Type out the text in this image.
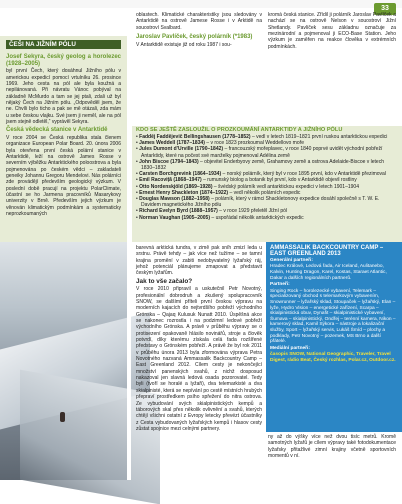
33
ČEŠI NA JIŽNÍM PÓLU
Josef Sekyra, český geolog a horolezec (1928–2005)

byl první Čech, který dosáhnul Jižního pólu v americkou expedicí pomocí vrtulníku 26. prosince 1969. Jeho cesta na pól ale byla koužná a nepilánovaná. Při návratu Vánoc pobýval na základně McMurdo a tam se jej ptali, zdali už byl nějaký Čech na Jižním pólu. „Odpověděl jsem, že ne. Chvíli bylo ticho a pak se mě otázali, zda mám u sebe českou vlajku. Své jsem ji neměl, ale na pól jsem stejně odletěl,“ vyprávěl Sekyra.

Česká vědecká stanice v Antarktidě

V roce 2004 se Česká republika stala členem organizace European Polar Board. 20. února 2006 byla otevřena první česká polární stanice v Antarktidě, leží na ostrově James Rosse v severním výběžku Antarktického poloostrova a byla pojmenována po českém vědci – zakladateli geneiky Johannu Gregoru Mendelovi. Nás polárníci zde provádějí především geologický výzkum. V poslední době pracují na projektu PolarClimate, účastní se ho Jarmena pracovníků Masarykovy univerzity v Brně. Především jejich výzkum je věnován klimatickým podmínkám a systematicky neprozkoumaných

oblastech. Klimatické charakteristiky jsou sledovány v Antarktidě na ostrově Jamese Rosse i v Arktidě na souostroví Svalbard.

Jaroslav Pavlíček, český polárník (*1983)

V Antarktidě existuje již od roku 1987 i sou-

kromá česká stanice. Zřídil ji polárník Jaroslav Pavlíček a nachází se na ostrově Nelson v souostroví Jižní Shetlandy. Pavlíček sesu základnu označuje za mezinárodní a pojmenoval ji ECO-Base Station. Jeho výzkum je zaměřen na reakce člověka v extrémních podmínkách.

KDO SE JEŠTĚ ZASLOUŽIL O PROZKOUMÁNÍ ANTARKTIDY A JIŽNÍHO PÓLU
• Fadděj Faddějevič Bellingshausen (1778–1852) – vedl v letech 1819–1821 první ruskou antarktickou expedici
• James Weddell (1787–1834) – v roce 1823 prozkoumal Weddellovo moře
• Jules Dumont d’Urville (1790–1842) – francouzský mořeplavec, v roce 1840 poprvé uvidět východní pobřeží Antarktidy, které na počest své manželky pojmenoval Adélina země
• John Biscoe (1794–1843) – objevitel Enderbyovy země, Grahamovy země a ostrova Adelaide-Biscoe v letech 1830–1832
• Carsten Borchgrevink (1864–1934) – norský polárník, který byl v roce 1895 první, kdo v Antarktidě přezimoval
• Emil Racoviță (1868–1947) – rumunský biolog a botanik byl první, kdo v Antarktidě objevil rostliny
• Otto Nordenskjöld (1869–1928) – švédský polárník vedl antarktickou expedici v letech 1901–1904
• Ernest Henry Shackleton (1874–1922) – vedl několik polárních expedic
• Douglas Mawson (1882–1958) – polárník, který v rámci Shackletonovy expedice dosáhl společně s T. W. E. Davidem magnetického Jižního pólu
• Richard Evelyn Byrd (1888–1957) – v roce 1929 přeletěl Jižní pól
• Norman Vaughan (1905–2005) – uspořádal několik antarktických expedic
foto: archiv

barevná arktická tundra, v zimě pak sníh zmizí leda u srstnu. Právě tehdy – jak více než tužíme – se tamní krajina promění v zabiti nedobyvatelný lyžařský ráj, jehož potenciál plánujeme zmapovat a představit českým lyžařům.

Jak to vše začalo?

V roce 2010 připravil a uskutečnil Petr Novotný, profesionální dobrodruh a zkušený spolupracovník SNOW, se dalšími příteli první českou výpravu na moderních kajacích do nejtvrdšího pobřeží východního Grónska – Qajaq Kulusuk Nunatt 2010. Úspěšná akce se nakonec rozrostla i na podzimní ledové pobřeží východního Grónska. A právě v průběhu výpravy se o protisezení opakovaně hlásilo novinářů, stroje a člověk potvrdí, díky kterému získala celá řada rozšířené představy o Grónském pobřeží. A právě že byl rok 2011 v průběhu února 2013 byla zformována výprava Petra Novotného nazvaná Ammassalik Backcountry Camp – East Greenland 2012. Cílem cesty je nekončející množství panenských svahů, z nichž dosposud nakazoval jen slavná ledová osada pozorovatel. Tedy byli (tvoří se horalé a lyžaři), dva telemarkisté a dva skialpinisté, která se nepívání po cestě místních hrubých přepraví prostředkem psího spřežení do nitra ostrova. Ze vybudování svých skialpinistických kempů a táborových skal přes několik ovlivnění a svahů, kterých chtějí všichni ostatní z Evropy letecky převézt účastníky z Cesta vybudovaných lyžařských kempů i hlasov cesty zůstat spojnice mezi celnými partnery.

AMMASSALIK BACKCOUNTRY CAMP – EAST GREENLAND 2013

Generální partneři:

Hradec Králové, Ledová řada, Air Iceland, Aulitanebo, Kalvin, Hunting Dragon, Karel, Kostas, Staraet Atlantic, Dakar a dalších regionálních partnerů.

Partneři:

Singing Rock – horolezecké vybavení, Telemark – specializovaný obchod s telemarkovým vybavením, Snowrunner – lyžařský sklad, Stoupaček – lyžařský, Elan – lyže, Hydro Vision – energetické zařízení, Scarpa – skialpinistická obuv, Dynafit – skialpinistické vybavení, Šumava – skialpinistický, Ondřej – terénní kamera, Nikon – kamerový sklad, Kamil Sýkora – nástroje a lokalizační služby, Sport – lyžařský servis, Lukáš Šmíd – plochy a podklady, Petr Novotný – pozemek, MS Brno a další přátelé.

Mediální partneři:

časopis SNOW, National Geographic, Traveler, Travel Digest, rádio Beat, Český rozhlas, Polar.cz, Outdoor.cz.

ny až do výšky více než dvou tisíc metrů. Kromě samotných lyžařů je cílem výpravy také fotodokumentace lyžařsky přitažlivé zimní krajiny včetně sportovních momentů v ní.
